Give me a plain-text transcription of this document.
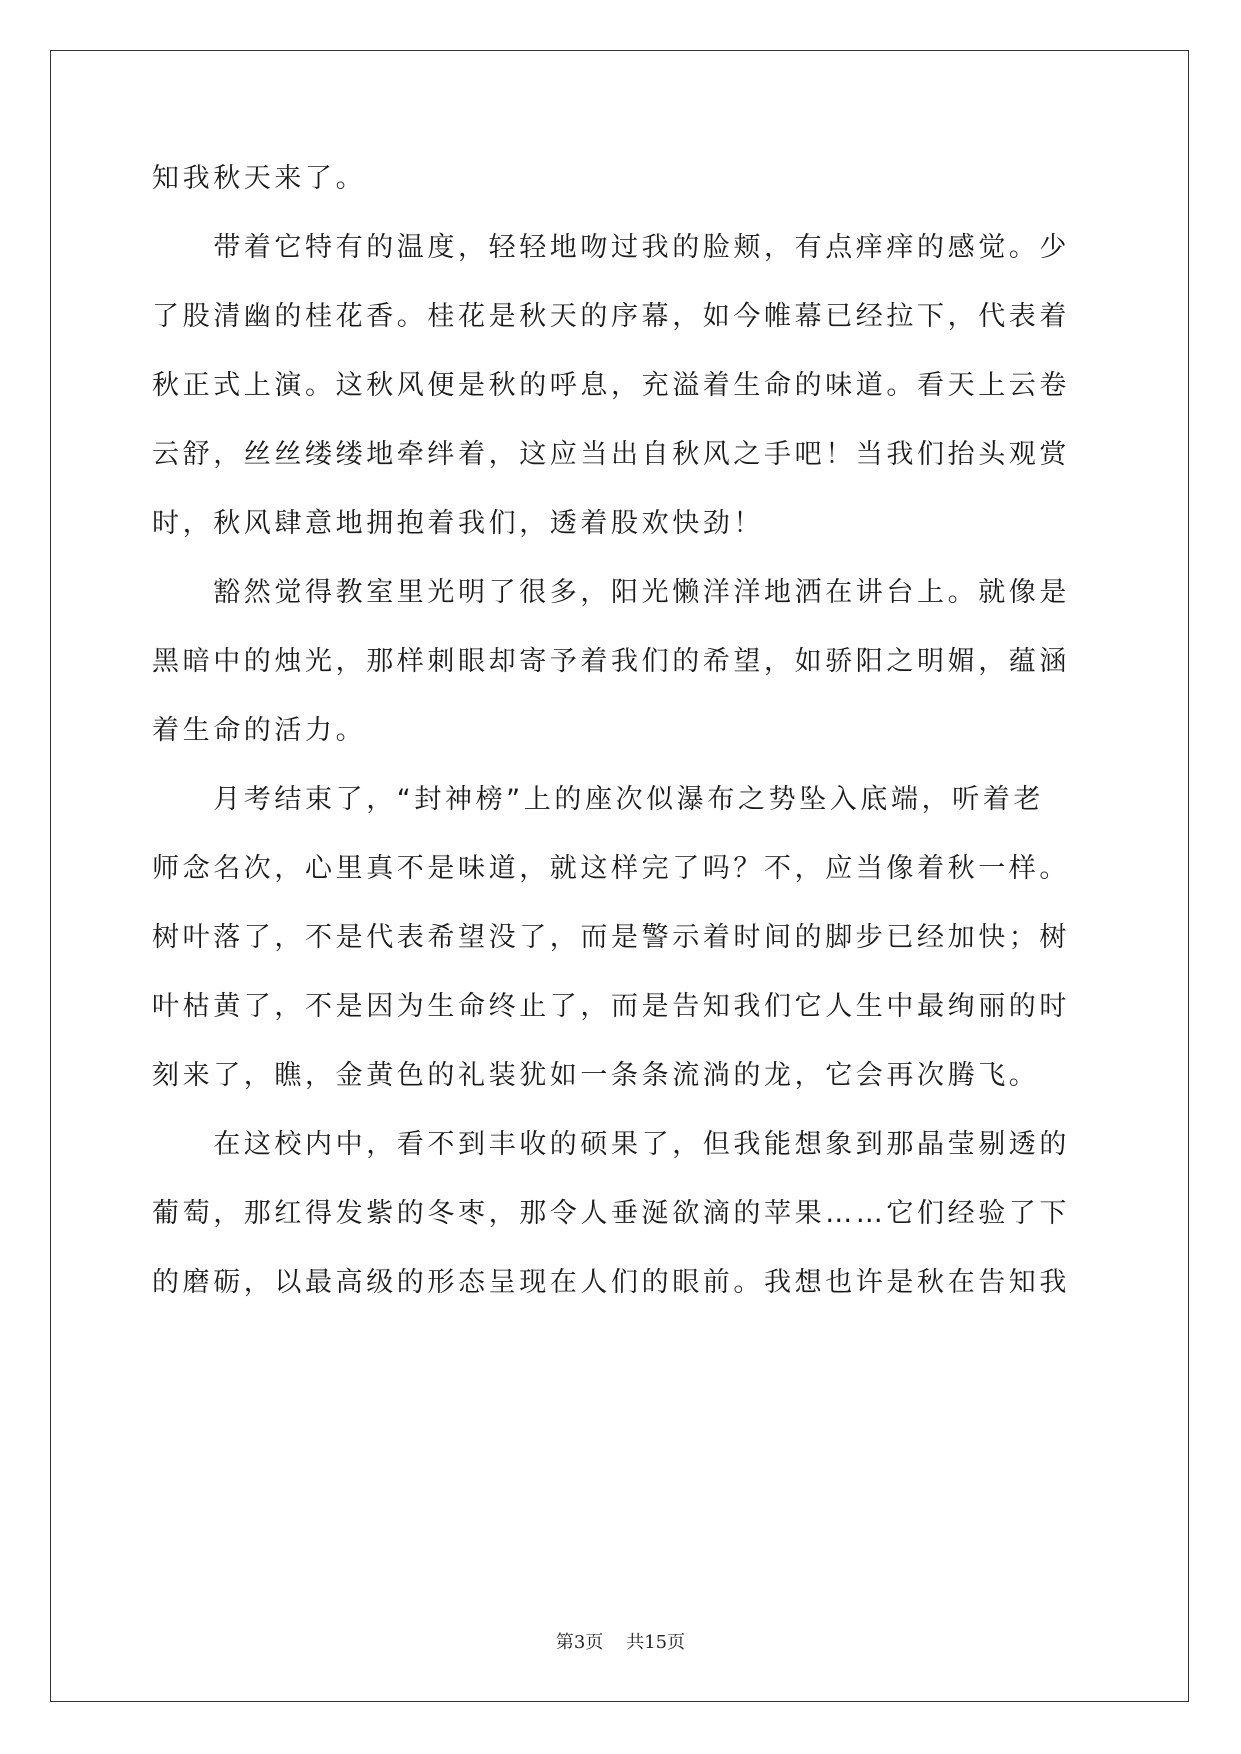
知我秋天来了。
　　带着它特有的温度，轻轻地吻过我的脸颊，有点痒痒的感觉。少
了股清幽的桂花香。桂花是秋天的序幕，如今帷幕已经拉下，代表着
秋正式上演。这秋风便是秋的呼息，充溢着生命的味道。看天上云卷
云舒，丝丝缕缕地牵绊着，这应当出自秋风之手吧！当我们抬头观赏
时，秋风肆意地拥抱着我们，透着股欢快劲！
　　豁然觉得教室里光明了很多，阳光懒洋洋地洒在讲台上。就像是
黑暗中的烛光，那样刺眼却寄予着我们的希望，如骄阳之明媚，蕴涵
着生命的活力。
　　月考结束了，“封神榜”上的座次似瀑布之势坠入底端，听着老
师念名次，心里真不是味道，就这样完了吗？不，应当像着秋一样。
树叶落了，不是代表希望没了，而是警示着时间的脚步已经加快；树
叶枯黄了，不是因为生命终止了，而是告知我们它人生中最绚丽的时
刻来了，瞧，金黄色的礼装犹如一条条流淌的龙，它会再次腾飞。
　　在这校内中，看不到丰收的硕果了，但我能想象到那晶莹剔透的
葡萄，那红得发紫的冬枣，那令人垂涎欲滴的苹果……它们经验了下
的磨砺，以最高级的形态呈现在人们的眼前。我想也许是秋在告知我
第3页 共15页
